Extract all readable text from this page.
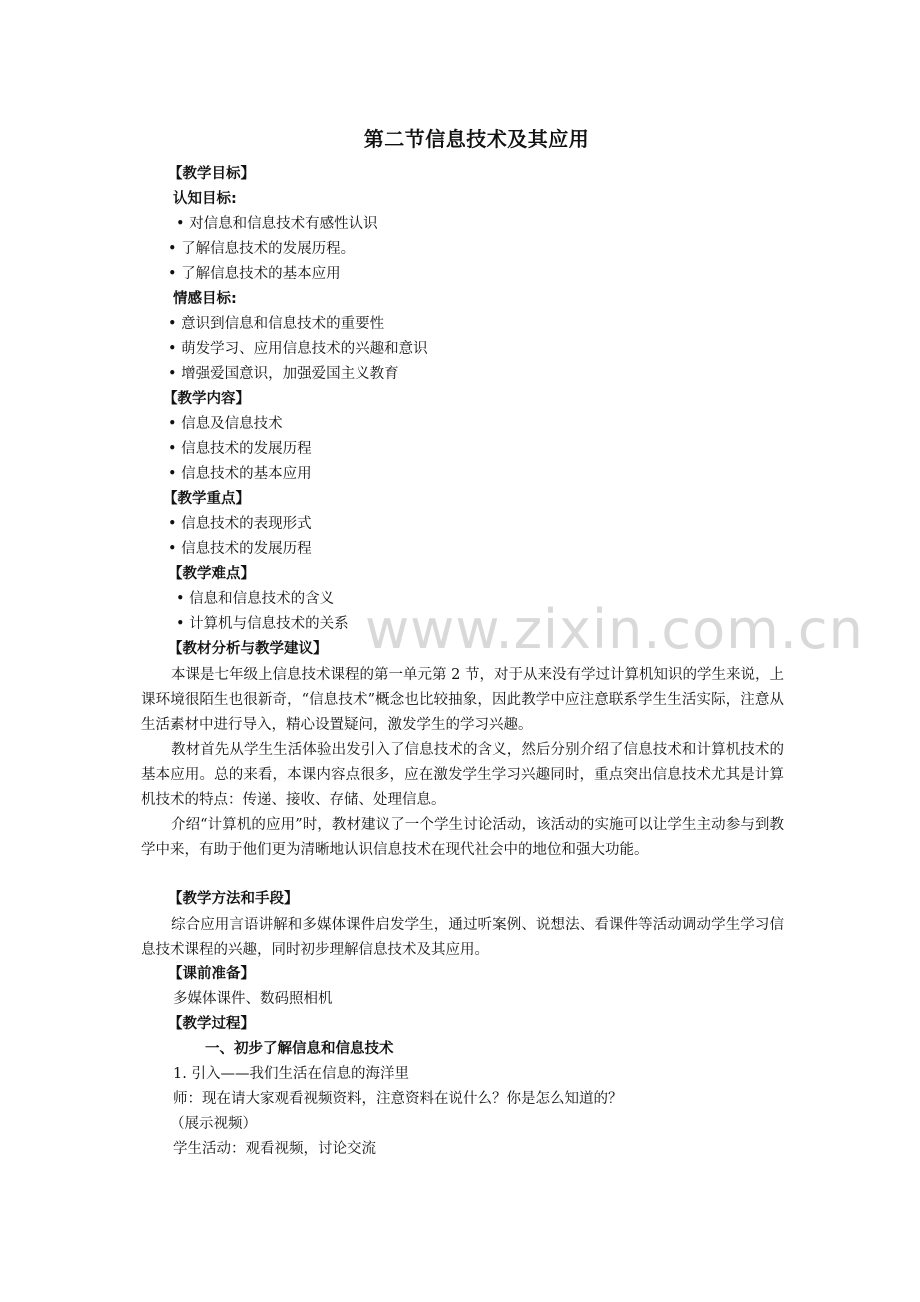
www.zixin.com.cn
第二节信息技术及其应用
【教学目标】
认知目标:
• 对信息和信息技术有感性认识
• 了解信息技术的发展历程。
• 了解信息技术的基本应用
情感目标:
• 意识到信息和信息技术的重要性
• 萌发学习、应用信息技术的兴趣和意识
• 增强爱国意识，加强爱国主义教育
【教学内容】
• 信息及信息技术
• 信息技术的发展历程
• 信息技术的基本应用
【教学重点】
• 信息技术的表现形式
• 信息技术的发展历程
【教学难点】
• 信息和信息技术的含义
• 计算机与信息技术的关系
【教材分析与教学建议】
本课是七年级上信息技术课程的第一单元第 2 节，对于从来没有学过计算机知识的学生来说，上课环境很陌生也很新奇，“信息技术”概念也比较抽象，因此教学中应注意联系学生生活实际，注意从生活素材中进行导入，精心设置疑问，激发学生的学习兴趣。
教材首先从学生生活体验出发引入了信息技术的含义，然后分别介绍了信息技术和计算机技术的基本应用。总的来看，本课内容点很多，应在激发学生学习兴趣同时，重点突出信息技术尤其是计算机技术的特点：传递、接收、存储、处理信息。
介绍“计算机的应用”时，教材建议了一个学生讨论活动，该活动的实施可以让学生主动参与到教学中来，有助于他们更为清晰地认识信息技术在现代社会中的地位和强大功能。
【教学方法和手段】
综合应用言语讲解和多媒体课件启发学生，通过听案例、说想法、看课件等活动调动学生学习信息技术课程的兴趣，同时初步理解信息技术及其应用。
【课前准备】
多媒体课件、数码照相机
【教学过程】
一、初步了解信息和信息技术
1. 引入——我们生活在信息的海洋里
师：现在请大家观看视频资料，注意资料在说什么？你是怎么知道的？
（展示视频）
学生活动：观看视频，讨论交流
